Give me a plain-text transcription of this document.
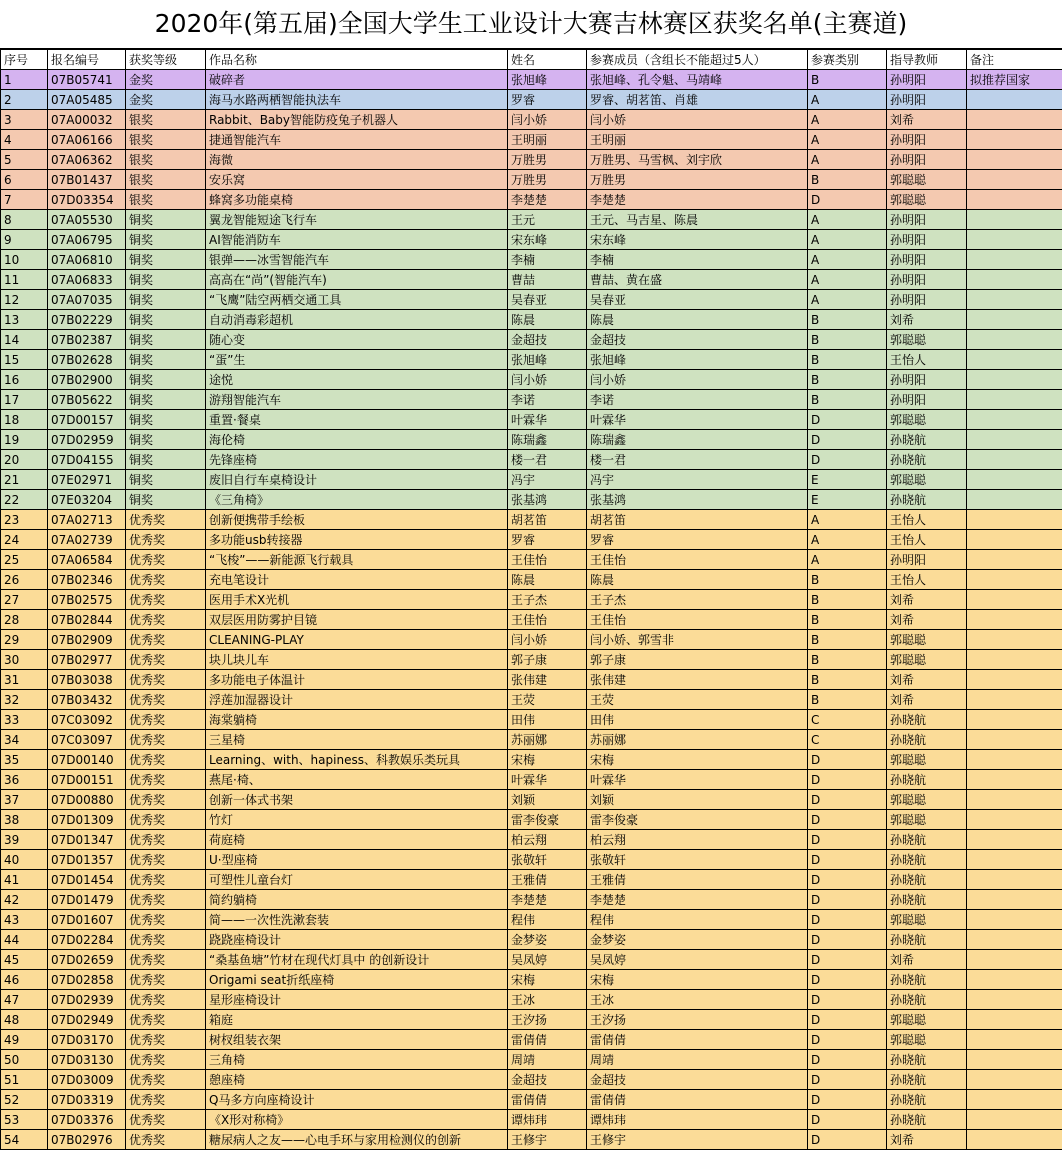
2020年(第五届)全国大学生工业设计大赛吉林赛区获奖名单(主赛道)
序号	报名编号	获奖等级	作品名称	姓名	参赛成员（含组长不能超过5人）	参赛类别	指导教师	备注
1	07B05741	金奖	破碎者	张旭峰	张旭峰、孔令魁、马靖峰	B	孙明阳	拟推荐国家
2	07A05485	金奖	海马水路两栖智能执法车	罗睿	罗睿、胡茗笛、肖雄	A	孙明阳	
3	07A00032	银奖	Rabbit、Baby智能防疫兔子机器人	闫小娇	闫小娇	A	刘希	
4	07A06166	银奖	捷通智能汽车	王明丽	王明丽	A	孙明阳	
5	07A06362	银奖	海微	万胜男	万胜男、马雪枫、刘宇欣	A	孙明阳	
6	07B01437	银奖	安乐窝	万胜男	万胜男	B	郭聪聪	
7	07D03354	银奖	蜂窝多功能桌椅	李楚楚	李楚楚	D	郭聪聪	
8	07A05530	铜奖	翼龙智能短途飞行车	王元	王元、马吉星、陈晨	A	孙明阳	
9	07A06795	铜奖	AI智能消防车	宋东峰	宋东峰	A	孙明阳	
10	07A06810	铜奖	银弹——冰雪智能汽车	李楠	李楠	A	孙明阳	
11	07A06833	铜奖	高高在“尚”(智能汽车)	曹喆	曹喆、黄在盛	A	孙明阳	
12	07A07035	铜奖	“飞鹰”陆空两栖交通工具	吴春亚	吴春亚	A	孙明阳	
13	07B02229	铜奖	自动消毒彩超机	陈晨	陈晨	B	刘希	
14	07B02387	铜奖	随心变	金超技	金超技	B	郭聪聪	
15	07B02628	铜奖	“蛋”生	张旭峰	张旭峰	B	王怡人	
16	07B02900	铜奖	途悦	闫小娇	闫小娇	B	孙明阳	
17	07B05622	铜奖	游翔智能汽车	李诺	李诺	B	孙明阳	
18	07D00157	铜奖	重置·餐桌	叶霖华	叶霖华	D	郭聪聪	
19	07D02959	铜奖	海伦椅	陈瑞鑫	陈瑞鑫	D	孙晓航	
20	07D04155	铜奖	先锋座椅	楼一君	楼一君	D	孙晓航	
21	07E02971	铜奖	废旧自行车桌椅设计	冯宇	冯宇	E	郭聪聪	
22	07E03204	铜奖	《三角椅》	张基鸿	张基鸿	E	孙晓航	
23	07A02713	优秀奖	创新便携带手绘板	胡茗笛	胡茗笛	A	王怡人	
24	07A02739	优秀奖	多功能usb转接器	罗睿	罗睿	A	王怡人	
25	07A06584	优秀奖	“飞梭”——新能源飞行载具	王佳怡	王佳怡	A	孙明阳	
26	07B02346	优秀奖	充电笔设计	陈晨	陈晨	B	王怡人	
27	07B02575	优秀奖	医用手术X光机	王子杰	王子杰	B	刘希	
28	07B02844	优秀奖	双层医用防雾护目镜	王佳怡	王佳怡	B	刘希	
29	07B02909	优秀奖	CLEANING-PLAY	闫小娇	闫小娇、郭雪非	B	郭聪聪	
30	07B02977	优秀奖	块儿块儿车	郭子康	郭子康	B	郭聪聪	
31	07B03038	优秀奖	多功能电子体温计	张伟建	张伟建	B	刘希	
32	07B03432	优秀奖	浮莲加湿器设计	王荧	王荧	B	刘希	
33	07C03092	优秀奖	海棠躺椅	田伟	田伟	C	孙晓航	
34	07C03097	优秀奖	三星椅	苏丽娜	苏丽娜	C	孙晓航	
35	07D00140	优秀奖	Learning、with、hapiness、科教娱乐类玩具	宋梅	宋梅	D	郭聪聪	
36	07D00151	优秀奖	燕尾·椅、	叶霖华	叶霖华	D	孙晓航	
37	07D00880	优秀奖	创新一体式书架	刘颖	刘颖	D	郭聪聪	
38	07D01309	优秀奖	竹灯	雷李俊豪	雷李俊豪	D	郭聪聪	
39	07D01347	优秀奖	荷庭椅	柏云翔	柏云翔	D	孙晓航	
40	07D01357	优秀奖	U·型座椅	张敬轩	张敬轩	D	孙晓航	
41	07D01454	优秀奖	可塑性儿童台灯	王雅倩	王雅倩	D	孙晓航	
42	07D01479	优秀奖	简约躺椅	李楚楚	李楚楚	D	孙晓航	
43	07D01607	优秀奖	简——一次性洗漱套装	程伟	程伟	D	郭聪聪	
44	07D02284	优秀奖	跷跷座椅设计	金梦姿	金梦姿	D	孙晓航	
45	07D02659	优秀奖	“桑基鱼塘”竹材在现代灯具中 的创新设计	吴凤婷	吴凤婷	D	刘希	
46	07D02858	优秀奖	Origami seat折纸座椅	宋梅	宋梅	D	孙晓航	
47	07D02939	优秀奖	星形座椅设计	王冰	王冰	D	孙晓航	
48	07D02949	优秀奖	箱庭	王汐扬	王汐扬	D	郭聪聪	
49	07D03170	优秀奖	树杈组装衣架	雷倩倩	雷倩倩	D	郭聪聪	
50	07D03130	优秀奖	三角椅	周靖	周靖	D	孙晓航	
51	07D03009	优秀奖	憩座椅	金超技	金超技	D	孙晓航	
52	07D03319	优秀奖	Q马多方向座椅设计	雷倩倩	雷倩倩	D	孙晓航	
53	07D03376	优秀奖	《X形对称椅》	谭炜玮	谭炜玮	D	孙晓航	
54	07B02976	优秀奖	糖尿病人之友——心电手环与家用检测仪的创新	王修宇	王修宇	D	刘希	
